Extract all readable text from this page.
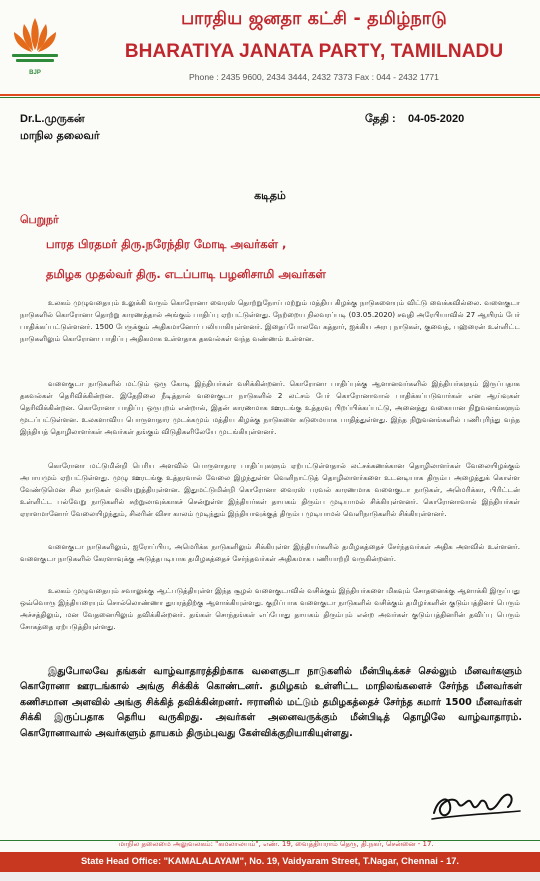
BJP
பாரதிய ஜனதா கட்சி - தமிழ்நாடு
BHARATIYA JANATA PARTY, TAMILNADU
Phone : 2435 9600, 2434 3444, 2432 7373 Fax : 044 - 2432 1771
Dr.L.முருகன்
மாநில தலைவர்
தேதி : 04-05-2020
கடிதம்
பெறுநர்
பாரத பிரதமர் திரு.நரேந்திர மோடி அவர்கள் ,
தமிழக முதல்வர் திரு. எடப்பாடி பழனிசாமி அவர்கள்

உலகம் முழுவதையும் உலுக்கி வரும் கொரோனா வைரஸ் தொற்றுநோய் மற்றும் மத்திய கிழக்கு நாடுகளையும் விட்டு வைக்கவில்லை. வளைகுடா நாடுகளில் கொரோனா தொற்று காரணத்தால் அங்கும் பாதிப்பு ஏற்பட்டுள்ளது. நேற்றைய நிலவரப்படி (03.05.2020) சவுதி அரேபியாவில் 27 ஆயிரம் பேர் பாதிக்கப்பட்டுள்ளனர். 1500 பேருக்கும் அதிகமானோர் பலியாகியுள்ளனர். இதைப்போலவே கத்தார், ஐக்கிய அரபு நாடுகள், குவைத், பஹ்ரைன் உள்ளிட்ட நாடுகளிலும் கொரோனா பாதிப்பு அதிகமாக உள்ளதாக தகவல்கள் வந்த வண்ணம் உள்ளன.

வளைகுடா நாடுகளில் மட்டும் ஒரு கோடி இந்தியர்கள் வசிக்கின்றனர். கொரோனா பாதிப்புக்கு ஆளானவர்களில் இந்தியர்களும் இருப்பதாக தகவல்கள் தெரிவிக்கின்றன. இதேநிலை நீடித்தால் வளைகுடா நாடுகளில் 2 லட்சம் பேர் கொரோனாவால் பாதிக்கப்படுவார்கள் என ஆய்வுகள் தெரிவிக்கின்றன. கொரோனா பாதிப்பு ஒருபுறம் என்றால், இதன் காரணமாக ஊரடங்கு உத்தரவு பிறப்பிக்கப்பட்டு, அனைத்து வகையான நிறுவனங்களும் மூடப்பட்டுள்ளன. உலகளாவிய பொருளாதார முடக்கமும் மத்திய கிழக்கு நாடுகளை கடுமையாக பாதித்துள்ளது. இந்த நிறுவனங்களில் பணிபுரிந்து வந்த இந்தியத் தொழிலாளர்கள் அவர்கள் தங்கும் விடுதிகளிலேயே முடங்கியுள்ளனர்.

கொரோனா மட்டுமின்றி பெரிய அளவில் பொருளாதார பாதிப்புகளும் ஏற்பட்டுள்ளதால் லட்சக்கணக்கான தொழிலாளர்கள் வேலையிழக்கும் அபாயமும் ஏற்பட்டுள்ளது. முழு ஊரடங்கு உத்தரவால் வேலை இழந்துள்ள வெளிநாட்டுத் தொழிலாளர்களை உடனடியாக திரும்ப அழைத்துக் கொள்ள வேண்டுமென சில நாடுகள் வலியுறுத்தியுள்ளன. இதுமட்டுமின்றி கொரோனா வைரஸ் பரவல் காரணமாக வளைகுடா நாடுகள், அமெரிக்கா, பிரிட்டன் உள்ளிட்ட பல்வேறு நாடுகளில் சுற்றுலாவுக்காகச் சென்றுள்ள இந்தியர்கள் தாயகம் திரும்ப முடியாமல் சிக்கியுள்ளனர். கொரோனாவால் இந்தியர்கள் ஏராளமானோர் வேலையிழந்தும், சிலரின் விசா காலம் முடிந்தும் இந்தியாவுக்குத் திரும்ப முடியாமல் வெளிநாடுகளில் சிக்கியுள்ளனர்.

வளைகுடா நாடுகளிலும், ஐரோப்பிய, அமெரிக்க நாடுகளிலும் சிக்கியுள்ள இந்தியர்களில் தமிழகத்தைச் சேர்ந்தவர்கள் அதிக அளவில் உள்ளனர். வளைகுடா நாடுகளில் கேரளாவுக்கு அடுத்தபடியாக தமிழகத்தைச் சேர்ந்தவர்கள் அதிகமாக பணியாற்றி வருகின்றனர்.

உலகம் முழுவதையும் சவாலுக்கு ஆட்படுத்தியுள்ள இந்த சூழல் வளைகுடாவில் வசிக்கும் இந்தியர்களை மிகவும் சோதனைக்கு ஆளாக்கி இருப்பது ஒவ்வொரு இந்தியரையும் சொல்லொண்ணா துயரத்திற்கு ஆளாக்கியுள்ளது. குறிப்பாக வளைகுடா நாடுகளில் வசிக்கும் தமிழர்களின் குடும்பத்தினர் பெரும் அச்சத்திலும், மன வேதனையிலும் தவிக்கின்றனர். தங்கள் சொந்தங்கள் எப்போது தாயகம் திரும்பும் என்ற அவர்கள் குடும்பத்தினரின் தவிப்பு பெரும் சோகத்தை ஏற்படுத்தியுள்ளது.

இதுபோலவே தங்கள் வாழ்வாதாரத்திற்காக வளைகுடா நாடுகளில் மீன்பிடிக்கச் செல்லும் மீனவர்களும் கொரோனா ஊரடங்கால் அங்கு சிக்கிக் கொண்டனர். தமிழகம் உள்ளிட்ட மாநிலங்களைச் சேர்ந்த மீனவர்கள் கணிசமான அளவில் அங்கு சிக்கித் தவிக்கின்றனர். ஈரானில் மட்டும் தமிழகத்தைச் சேர்ந்த சுமார் 1500 மீனவர்கள் சிக்கி இருப்பதாக தெரிய வருகிறது. அவர்கள் அனைவருக்கும் மீன்பிடித் தொழிலே வாழ்வாதாரம். கொரோனாவால் அவர்களும் தாயகம் திரும்புவது கேள்விக்குறியாகியுள்ளது.

மாநில தலைமை அலுவலகம்: "கமலாலயம்", எண். 19, வைத்தியராம் தெரு, தி.நகர், சென்னை - 17.
State Head Office: "KAMALALAYAM", No. 19, Vaidyaram Street, T.Nagar, Chennai - 17.
